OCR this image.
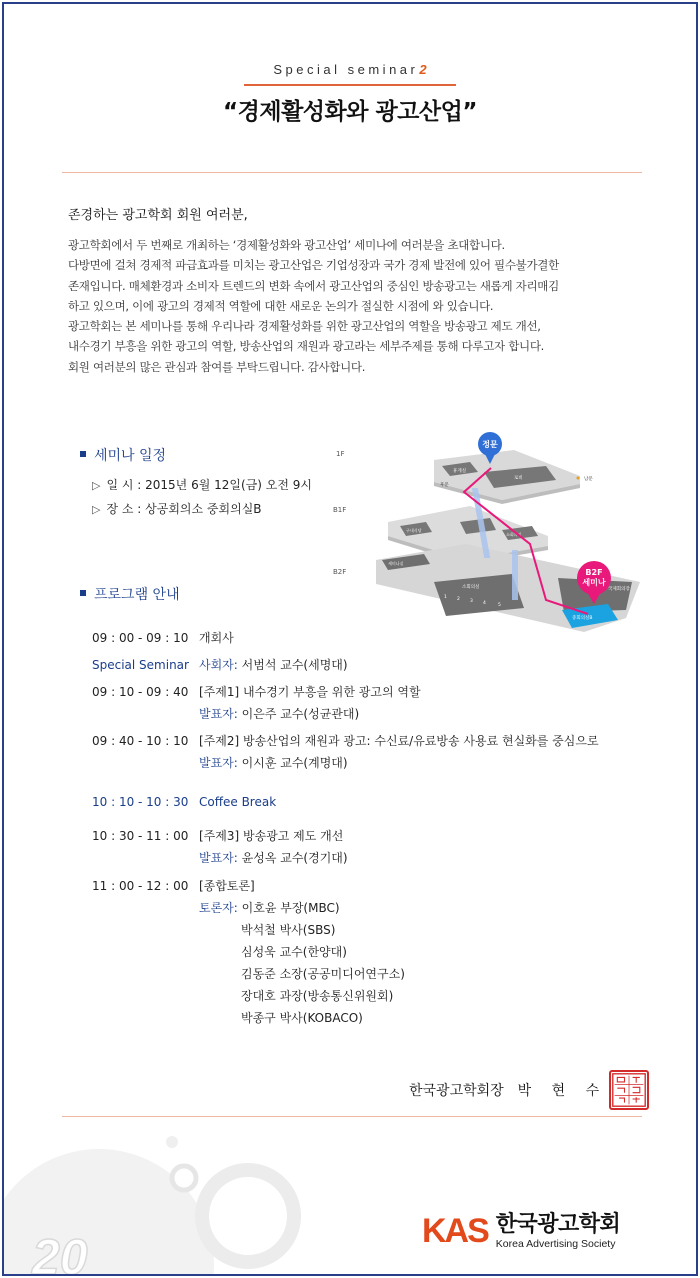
Special seminar2
“경제활성화와 광고산업”
존경하는 광고학회 회원 여러분,
광고학회에서 두 번째로 개최하는 ‘경제활성화와 광고산업’ 세미나에 여러분을 초대합니다.
다방면에 걸쳐 경제적 파급효과를 미치는 광고산업은 기업성장과 국가 경제 발전에 있어 필수불가결한
존재입니다. 매체환경과 소비자 트렌드의 변화 속에서 광고산업의 중심인 방송광고는 새롭게 자리매김
하고 있으며, 이에 광고의 경제적 역할에 대한 새로운 논의가 절실한 시점에 와 있습니다.
광고학회는 본 세미나를 통해 우리나라 경제활성화를 위한 광고산업의 역할을 방송광고 제도 개선,
내수경기 부흥을 위한 광고의 역할, 방송산업의 재원과 광고라는 세부주제를 통해 다루고자 합니다.
회원 여러분의 많은 관심과 참여를 부탁드립니다. 감사합니다.
세미나 일정
▷ 일 시 : 2015년 6월 12일(금) 오전 9시
▷ 장 소 : 상공회의소 중회의실B
1F
B1F
B2F
휴게실
로비
후문
남문
구내식당
소회의실
세미나실
소회의실
1 2 3 4	5
국제회의장
중회의실B
정문
B2F
세미나
프로그램 안내
09 : 00 - 09 : 10 개회사
Special Seminar 사회자: 서범석 교수(세명대)
09 : 10 - 09 : 40 [주제1] 내수경기 부흥을 위한 광고의 역할
발표자: 이은주 교수(성균관대)
09 : 40 - 10 : 10 [주제2] 방송산업의 재원과 광고: 수신료/유료방송 사용료 현실화를 중심으로
발표자: 이시훈 교수(계명대)
10 : 10 - 10 : 30 Coffee Break
10 : 30 - 11 : 00 [주제3] 방송광고 제도 개선
발표자: 윤성옥 교수(경기대)
11 : 00 - 12 : 00 [종합토론]
토론자: 이호윤 부장(MBC)
박석철 박사(SBS)
심성욱 교수(한양대)
김동준 소장(공공미디어연구소)
장대호 과장(방송통신위원회)
박종구 박사(KOBACO)
한국광고학회장 박 현 수
20	KAS 한국광고학회
Korea Advertising Society
